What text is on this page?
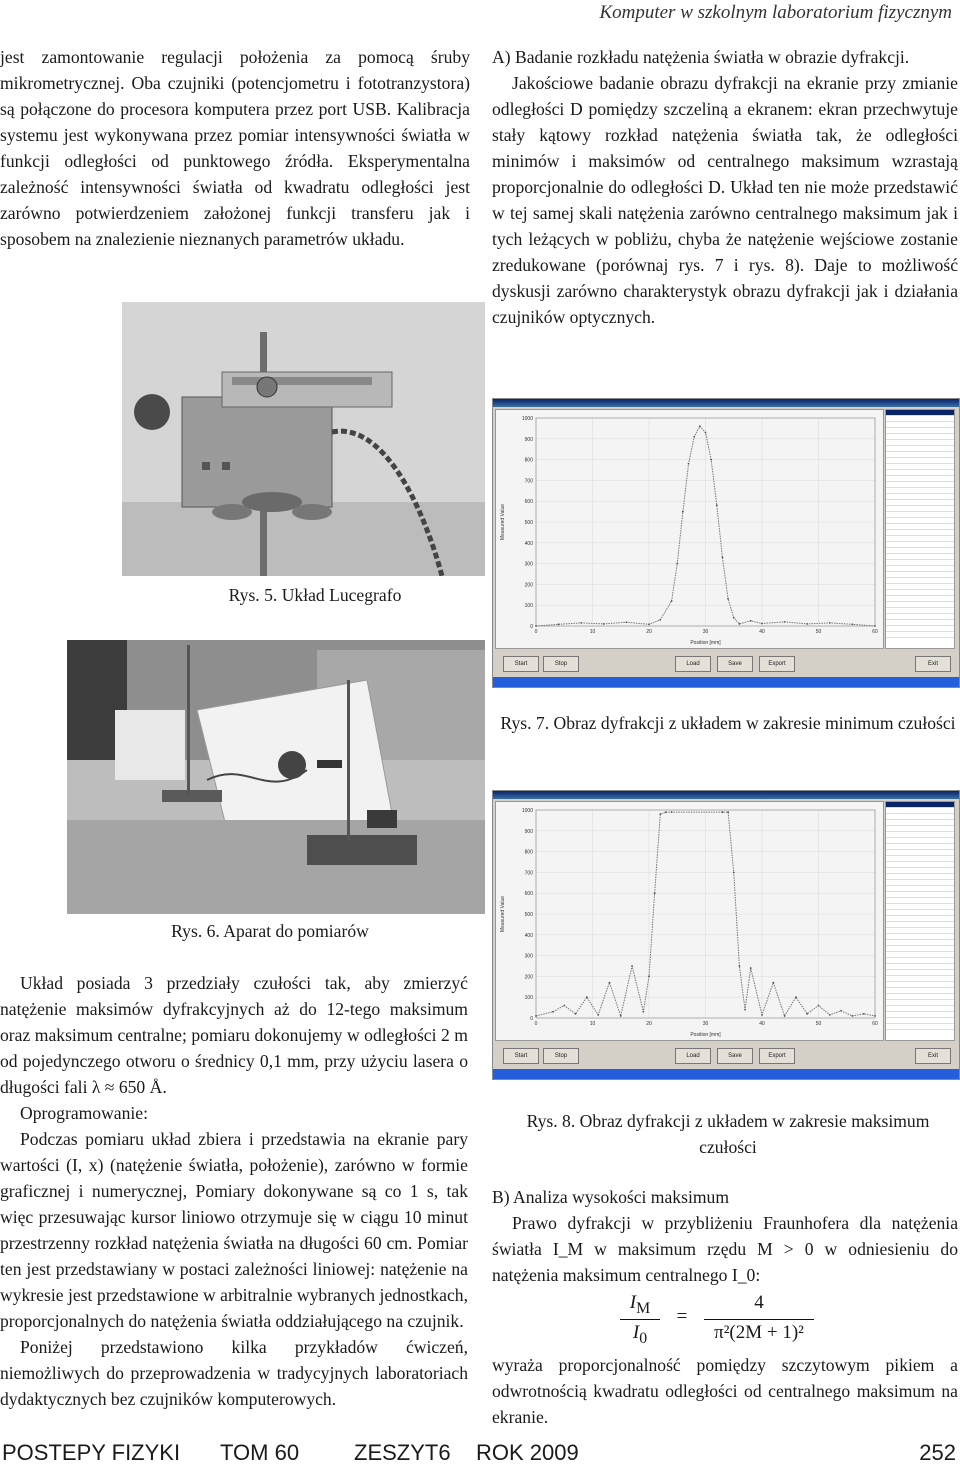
Komputer w szkolnym laboratorium fizycznym

jest zamontowanie regulacji położenia za pomocą śruby mikrometrycznej. Oba czujniki (potencjometru i fototranzystora) są połączone do procesora komputera przez port USB. Kalibracja systemu jest wykonywana przez pomiar intensywności światła w funkcji odległości od punktowego źródła. Eksperymentalna zależność intensywności światła od kwadratu odległości jest zarówno potwierdzeniem założonej funkcji transferu jak i sposobem na znalezienie nieznanych parametrów układu.

Rys. 5. Układ Lucegrafo
Rys. 6. Aparat do pomiarów

Układ posiada 3 przedziały czułości tak, aby zmierzyć natężenie maksimów dyfrakcyjnych aż do 12-tego maksimum oraz maksimum centralne; pomiaru dokonujemy w odległości 2 m od pojedynczego otworu o średnicy 0,1 mm, przy użyciu lasera o długości fali λ ≈ 650 Å.

Oprogramowanie:

Podczas pomiaru układ zbiera i przedstawia na ekranie pary wartości (I, x) (natężenie światła, położenie), zarówno w formie graficznej i numerycznej, Pomiary dokonywane są co 1 s, tak więc przesuwając kursor liniowo otrzymuje się w ciągu 10 minut przestrzenny rozkład natężenia światła na długości 60 cm. Pomiar ten jest przedstawiany w postaci zależności liniowej: natężenie na wykresie jest przedstawione w arbitralnie wybranych jednostkach, proporcjonalnych do natężenia światła oddziałującego na czujnik.

Poniżej przedstawiono kilka przykładów ćwiczeń, niemożliwych do przeprowadzenia w tradycyjnych laboratoriach dydaktycznych bez czujników komputerowych.

A) Badanie rozkładu natężenia światła w obrazie dyfrakcji.

Jakościowe badanie obrazu dyfrakcji na ekranie przy zmianie odległości D pomiędzy szczeliną a ekranem: ekran przechwytuje stały kątowy rozkład natężenia światła tak, że odległości minimów i maksimów od centralnego maksimum wzrastają proporcjonalnie do odległości D. Układ ten nie może przedstawić w tej samej skali natężenia zarówno centralnego maksimum jak i tych leżących w pobliżu, chyba że natężenie wejściowe zostanie zredukowane (porównaj rys. 7 i rys. 8). Daje to możliwość dyskusji zarówno charakterystyk obrazu dyfrakcji jak i działania czujników optycznych.

0
100
200
300
400
500
600
700
800
900
1000
0	10	20	30	40	50	60
Position [mm]
Measured Value
Start	Stop	Load	Save	Export	Exit
Rys. 7. Obraz dyfrakcji z układem w zakresie minimum czułości
0
100
200
300
400
500
600
700
800
900
1000
0	10	20	30	40	50	60
Position [mm]
Measured Value
Start	Stop	Load	Save	Export	Exit
Rys. 8. Obraz dyfrakcji z układem w zakresie maksimum czułości

B) Analiza wysokości maksimum

Prawo dyfrakcji w przybliżeniu Fraunhofera dla natężenia światła I_M w maksimum rzędu M > 0 w odniesieniu do natężenia maksimum centralnego I_0:

$I_M$
$I_0$
=
4
π²(2M + 1)²

wyraża proporcjonalność pomiędzy szczytowym pikiem a odwrotnością kwadratu odległości od centralnego maksimum na ekranie.

POSTEPY FIZYKI TOM 60 ZESZYT6 ROK 2009	252
